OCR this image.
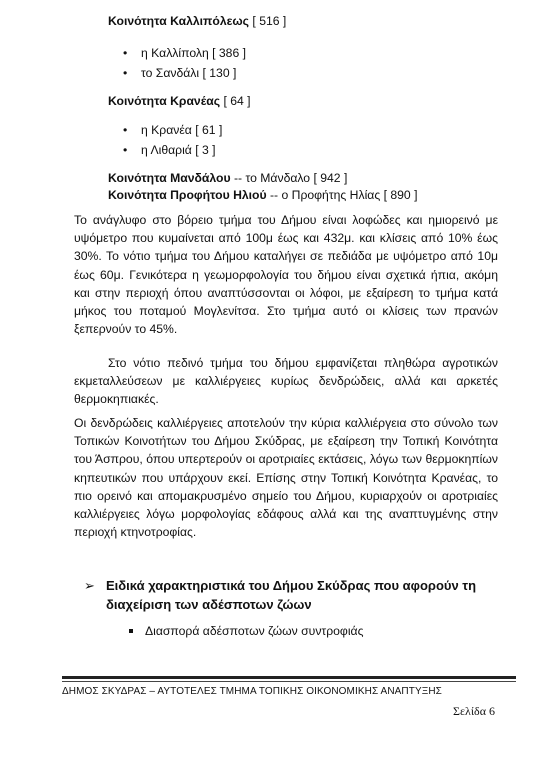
Κοινότητα Καλλιπόλεως [ 516 ]
• η Καλλίπολη [ 386 ]
• το Σανδάλι [ 130 ]
Κοινότητα Κρανέας [ 64 ]
• η Κρανέα [ 61 ]
• η Λιθαριά [ 3 ]
Κοινότητα Μανδάλου -- το Μάνδαλο [ 942 ]
Κοινότητα Προφήτου Ηλιού -- ο Προφήτης Ηλίας [ 890 ]

Το ανάγλυφο στο βόρειο τμήμα του Δήμου είναι λοφώδες και ημιορεινό με υψόμετρο που κυμαίνεται από 100μ έως και 432μ. και κλίσεις από 10% έως 30%. Το νότιο τμήμα του Δήμου καταλήγει σε πεδιάδα με υψόμετρο από 10μ έως 60μ. Γενικότερα η γεωμορφολογία του δήμου είναι σχετικά ήπια, ακόμη και στην περιοχή όπου αναπτύσσονται οι λόφοι, με εξαίρεση το τμήμα κατά μήκος του ποταμού Μογλενίτσα. Στο τμήμα αυτό οι κλίσεις των πρανών ξεπερνούν το 45%.

Στο νότιο πεδινό τμήμα του δήμου εμφανίζεται πληθώρα αγροτικών εκμεταλλεύσεων με καλλιέργειες κυρίως δενδρώδεις, αλλά και αρκετές θερμοκηπιακές.

Οι δενδρώδεις καλλιέργειες αποτελούν την κύρια καλλιέργεια στο σύνολο των Τοπικών Κοινοτήτων του Δήμου Σκύδρας, με εξαίρεση την Τοπική Κοινότητα του Άσπρου, όπου υπερτερούν οι αροτριαίες εκτάσεις, λόγω των θερμοκηπίων κηπευτικών που υπάρχουν εκεί. Επίσης στην Τοπική Κοινότητα Κρανέας, το πιο ορεινό και απομακρυσμένο σημείο του Δήμου, κυριαρχούν οι αροτριαίες καλλιέργειες λόγω μορφολογίας εδάφους αλλά και της αναπτυγμένης στην περιοχή κτηνοτροφίας.

➢ Ειδικά χαρακτηριστικά του Δήμου Σκύδρας που αφορούν τη διαχείριση των αδέσποτων ζώων
Διασπορά αδέσποτων ζώων συντροφιάς
ΔΗΜΟΣ ΣΚΥΔΡΑΣ – ΑΥΤΟΤΕΛΕΣ ΤΜΗΜΑ ΤΟΠΙΚΗΣ ΟΙΚΟΝΟΜΙΚΗΣ ΑΝΑΠΤΥΞΗΣ
Σελίδα 6
